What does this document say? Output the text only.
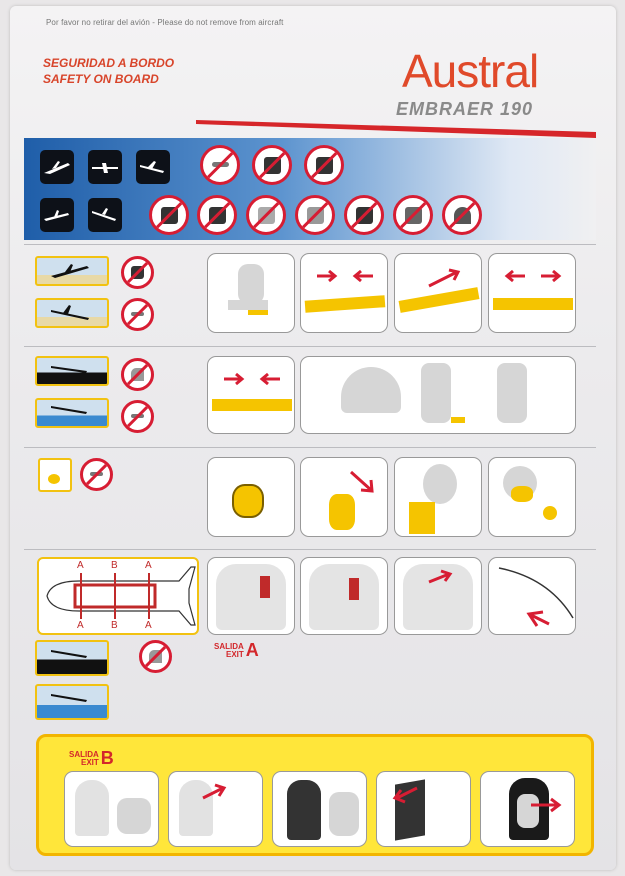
Por favor no retirar del avión - Please do not remove from aircraft
SEGURIDAD A BORDO
SAFETY ON BOARD	Austral
EMBRAER 190
A	B	A
A	B	A
SALIDA
EXIT A
SALIDA
EXIT B
